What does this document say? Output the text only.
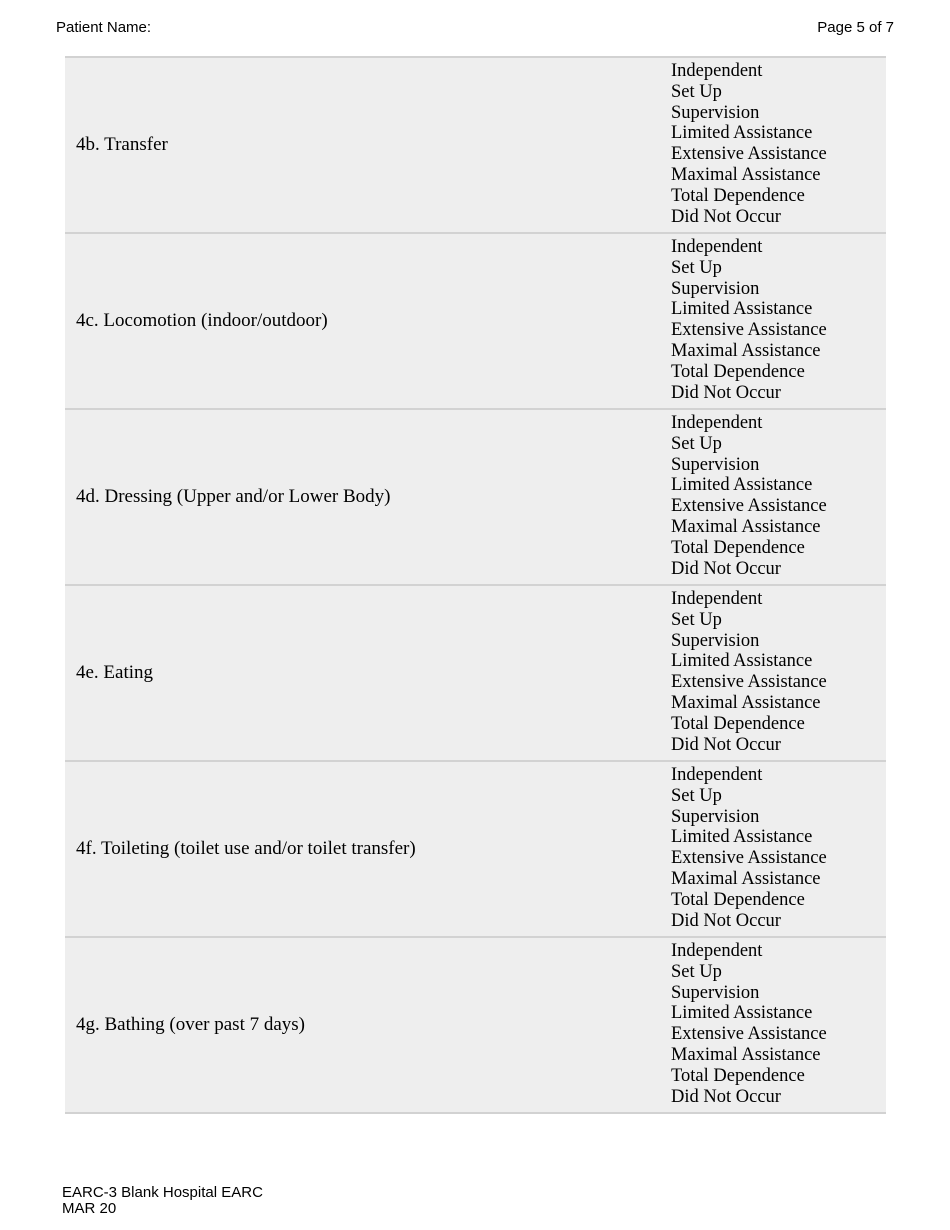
Patient Name:	Page 5 of 7
4b. Transfer
Independent
Set Up
Supervision
Limited Assistance
Extensive Assistance
Maximal Assistance
Total Dependence
Did Not Occur
4c. Locomotion (indoor/outdoor)
Independent
Set Up
Supervision
Limited Assistance
Extensive Assistance
Maximal Assistance
Total Dependence
Did Not Occur
4d. Dressing (Upper and/or Lower Body)
Independent
Set Up
Supervision
Limited Assistance
Extensive Assistance
Maximal Assistance
Total Dependence
Did Not Occur
4e. Eating
Independent
Set Up
Supervision
Limited Assistance
Extensive Assistance
Maximal Assistance
Total Dependence
Did Not Occur
4f. Toileting (toilet use and/or toilet transfer)
Independent
Set Up
Supervision
Limited Assistance
Extensive Assistance
Maximal Assistance
Total Dependence
Did Not Occur
4g. Bathing (over past 7 days)
Independent
Set Up
Supervision
Limited Assistance
Extensive Assistance
Maximal Assistance
Total Dependence
Did Not Occur
EARC-3 Blank Hospital EARC
MAR 20
